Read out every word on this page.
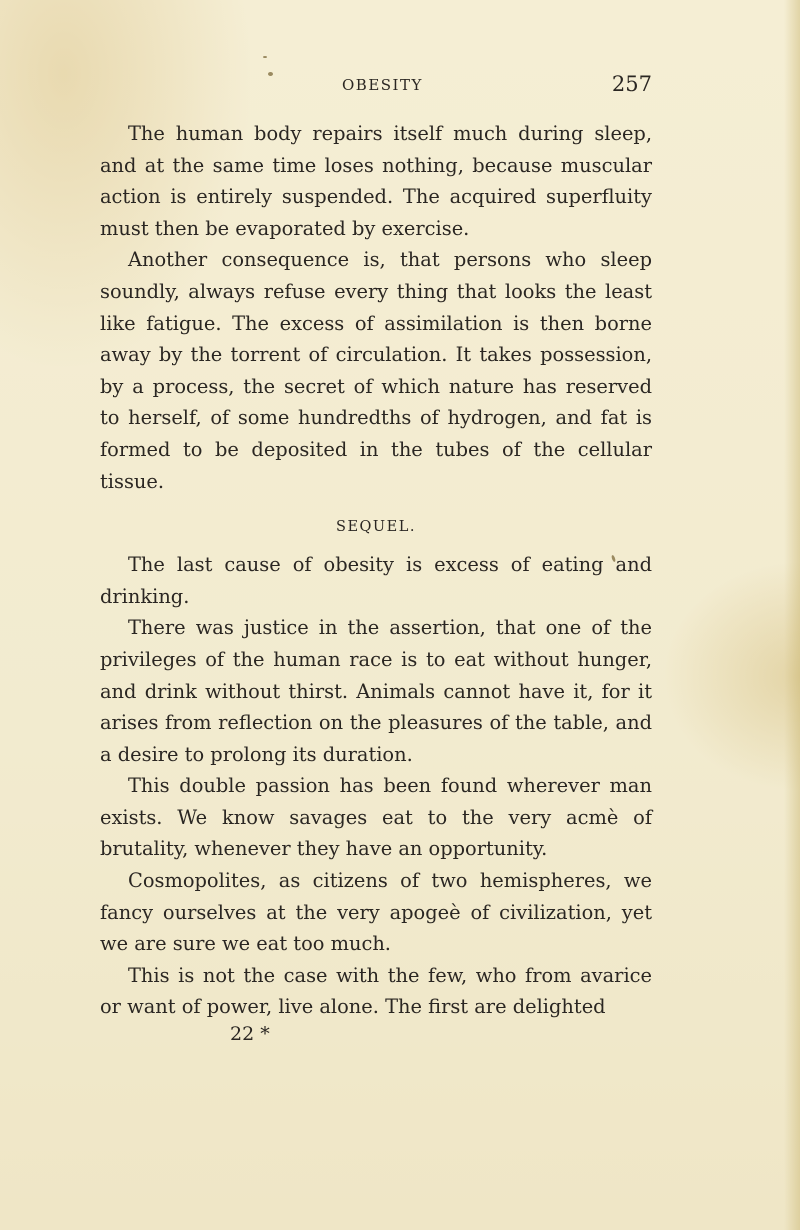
OBESITY	257

The human body repairs itself much during sleep, and at the same time loses nothing, because muscular action is entirely suspended. The acquired superfluity must then be evaporated by exercise.

Another consequence is, that persons who sleep soundly, always refuse every thing that looks the least like fatigue. The excess of assimilation is then borne away by the torrent of circulation. It takes possession, by a process, the secret of which nature has reserved to herself, of some hundredths of hydrogen, and fat is formed to be deposited in the tubes of the cellular tissue.

SEQUEL.

The last cause of obesity is excess of eating and drinking.

There was justice in the assertion, that one of the privileges of the human race is to eat without hunger, and drink without thirst. Animals cannot have it, for it arises from reflection on the pleasures of the table, and a desire to prolong its duration.

This double passion has been found wherever man exists. We know savages eat to the very acmè of brutality, whenever they have an opportunity.

Cosmopolites, as citizens of two hemispheres, we fancy ourselves at the very apogeè of civilization, yet we are sure we eat too much.

This is not the case with the few, who from avarice or want of power, live alone. The first are delighted

22 *
